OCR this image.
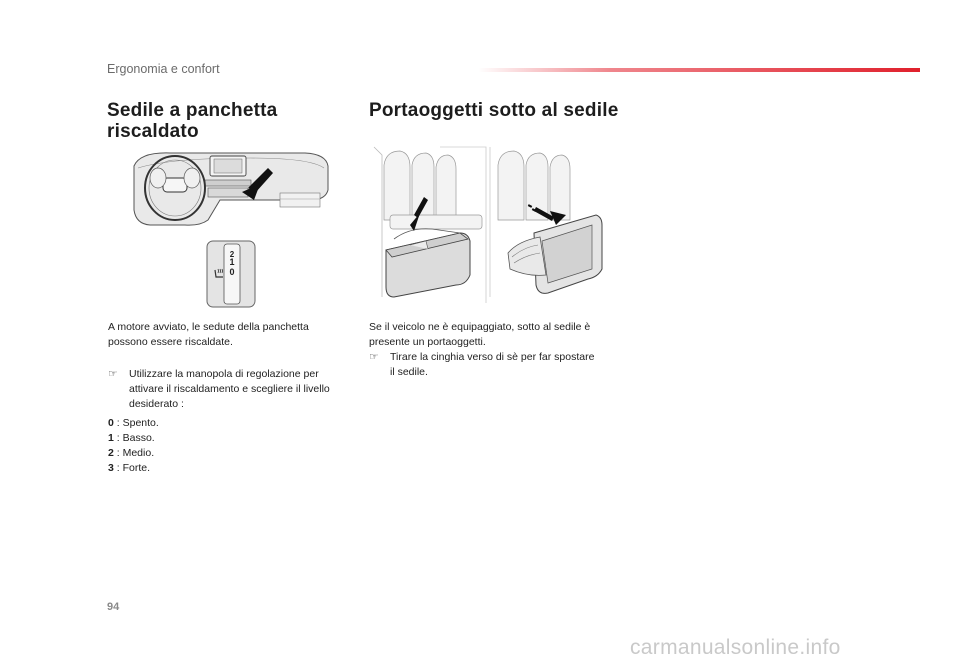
Ergonomia e confort
Sedile a panchetta riscaldato
Portaoggetti sotto al sedile
2
1
0
A motore avviato, le sedute della panchetta possono essere riscaldate.
☞	Utilizzare la manopola di regolazione per attivare il riscaldamento e scegliere il livello desiderato :
0 : Spento.
1 : Basso.
2 : Medio.
3 : Forte.
Se il veicolo ne è equipaggiato, sotto al sedile è presente un portaoggetti.
☞	Tirare la cinghia verso di sè per far spostare il sedile.
94
carmanualsonline.info
